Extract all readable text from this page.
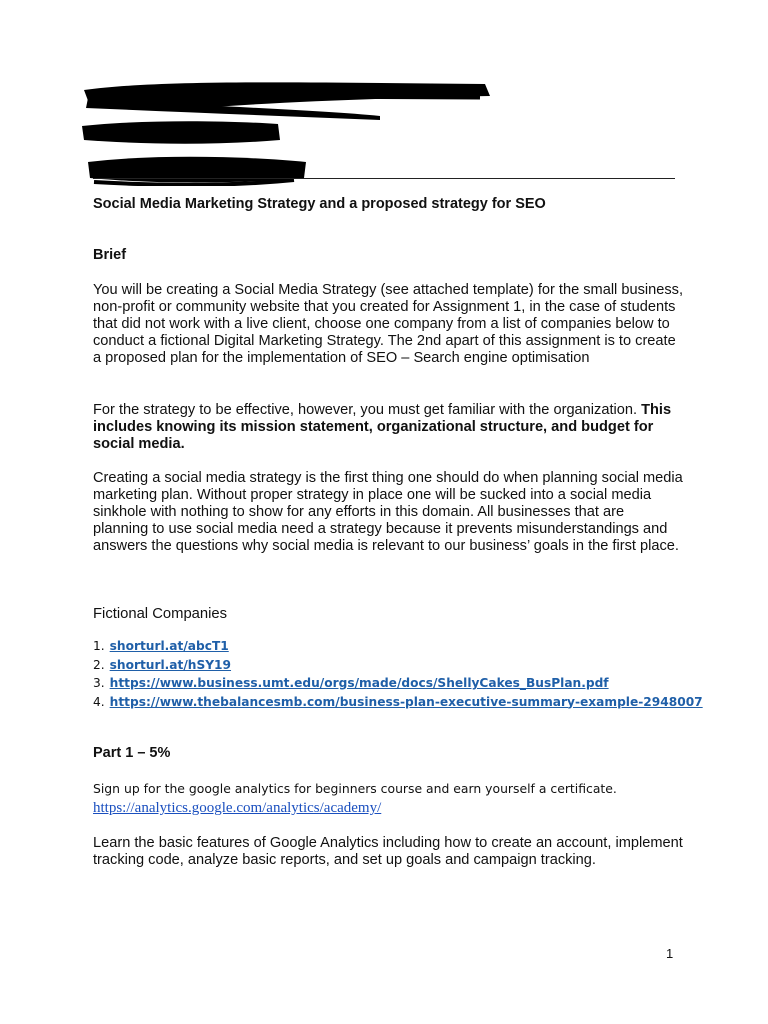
Social Media Marketing Strategy and a proposed strategy for SEO
Brief

You will be creating a Social Media Strategy (see attached template) for the small business, non-profit or community website that you created for Assignment 1, in the case of students that did not work with a live client, choose one company from a list of companies below to conduct a fictional Digital Marketing Strategy. The 2nd apart of this assignment is to create a proposed plan for the implementation of SEO – Search engine optimisation

For the strategy to be effective, however, you must get familiar with the organization. This includes knowing its mission statement, organizational structure, and budget for social media.

Creating a social media strategy is the first thing one should do when planning social media marketing plan. Without proper strategy in place one will be sucked into a social media sinkhole with nothing to show for any efforts in this domain. All businesses that are planning to use social media need a strategy because it prevents misunderstandings and answers the questions why social media is relevant to our business’ goals in the first place.

Fictional Companies
1. shorturl.at/abcT1
2. shorturl.at/hSY19
3. https://www.business.umt.edu/orgs/made/docs/ShellyCakes_BusPlan.pdf
4. https://www.thebalancesmb.com/business-plan-executive-summary-example-2948007
Part 1 – 5%
Sign up for the google analytics for beginners course and earn yourself a certificate.
https://analytics.google.com/analytics/academy/

Learn the basic features of Google Analytics including how to create an account, implement tracking code, analyze basic reports, and set up goals and campaign tracking.

1
